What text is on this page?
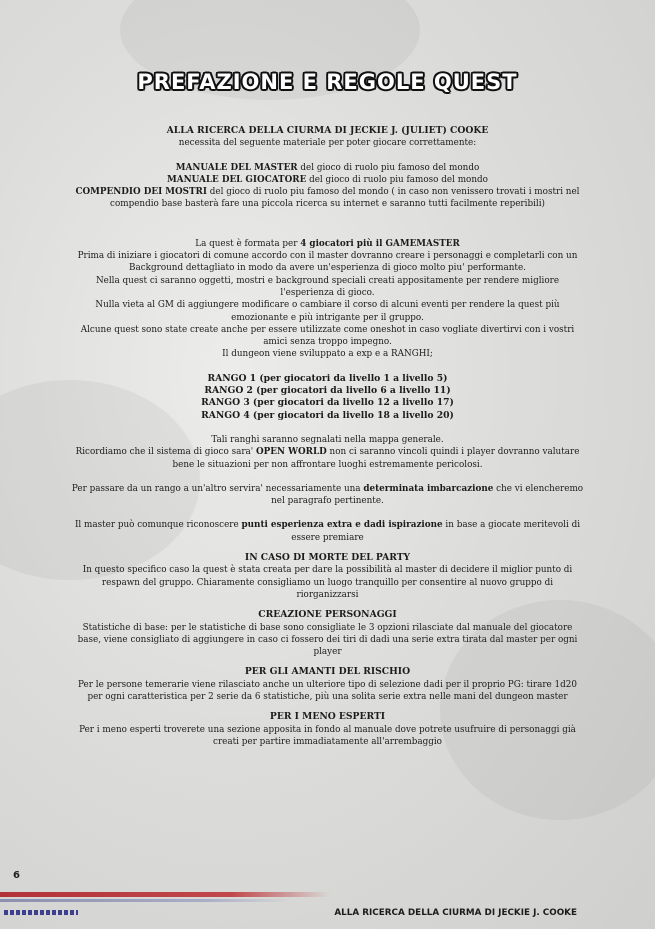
PREFAZIONE E REGOLE QUEST
ALLA RICERCA DELLA CIURMA DI JECKIE J. (JULIET) COOKE

necessita del seguente materiale per poter giocare correttamente:

MANUALE DEL MASTER del gioco di ruolo piu famoso del mondo

MANUALE DEL GIOCATORE del gioco di ruolo piu famoso del mondo

COMPENDIO DEI MOSTRI del gioco di ruolo piu famoso del mondo ( in caso non venissero trovati i mostri nel compendio base basterà fare una piccola ricerca su internet e saranno tutti facilmente reperibili)

La quest è formata per 4 giocatori più il GAMEMASTER

Prima di iniziare i giocatori di comune accordo con il master dovranno creare i personaggi e completarli con un Background dettagliato in modo da avere un'esperienza di gioco molto piu' performante.

Nella quest ci saranno oggetti, mostri e background speciali creati appositamente per rendere migliore l'esperienza di gioco.

Nulla vieta al GM di aggiungere modificare o cambiare il corso di alcuni eventi per rendere la quest più emozionante e più intrigante per il gruppo.

Alcune quest sono state create anche per essere utilizzate come oneshot in caso vogliate divertirvi con i vostri amici senza troppo impegno.

Il dungeon viene sviluppato a exp e a RANGHI;

RANGO 1 (per giocatori da livello 1 a livello 5)

RANGO 2 (per giocatori da livello 6 a livello 11)

RANGO 3 (per giocatori da livello 12 a livello 17)

RANGO 4 (per giocatori da livello 18 a livello 20)

Tali ranghi saranno segnalati nella mappa generale.

Ricordiamo che il sistema di gioco sara' OPEN WORLD non ci saranno vincoli quindi i player dovranno valutare bene le situazioni per non affrontare luoghi estremamente pericolosi.

Per passare da un rango a un'altro servira' necessariamente una determinata imbarcazione che vi elencheremo nel paragrafo pertinente.

Il master può comunque riconoscere punti esperienza extra e dadi ispirazione in base a giocate meritevoli di essere premiare

IN CASO DI MORTE DEL PARTY

In questo specifico caso la quest è stata creata per dare la possibilità al master di decidere il miglior punto di respawn del gruppo. Chiaramente consigliamo un luogo tranquillo per consentire al nuovo gruppo di riorganizzarsi

CREAZIONE PERSONAGGI

Statistiche di base: per le statistiche di base sono consigliate le 3 opzioni rilasciate dal manuale del giocatore base, viene consigliato di aggiungere in caso ci fossero dei tiri di dadi una serie extra tirata dal master per ogni player

PER GLI AMANTI DEL RISCHIO

Per le persone temerarie viene rilasciato anche un ulteriore tipo di selezione dadi per il proprio PG: tirare 1d20 per ogni caratteristica per 2 serie da 6 statistiche, più una solita serie extra nelle mani del dungeon master

PER I MENO ESPERTI

Per i meno esperti troverete una sezione apposita in fondo al manuale dove potrete usufruire di personaggi già creati per partire immadiatamente all'arrembaggio

6
ALLA RICERCA DELLA CIURMA DI JECKIE J. COOKE
